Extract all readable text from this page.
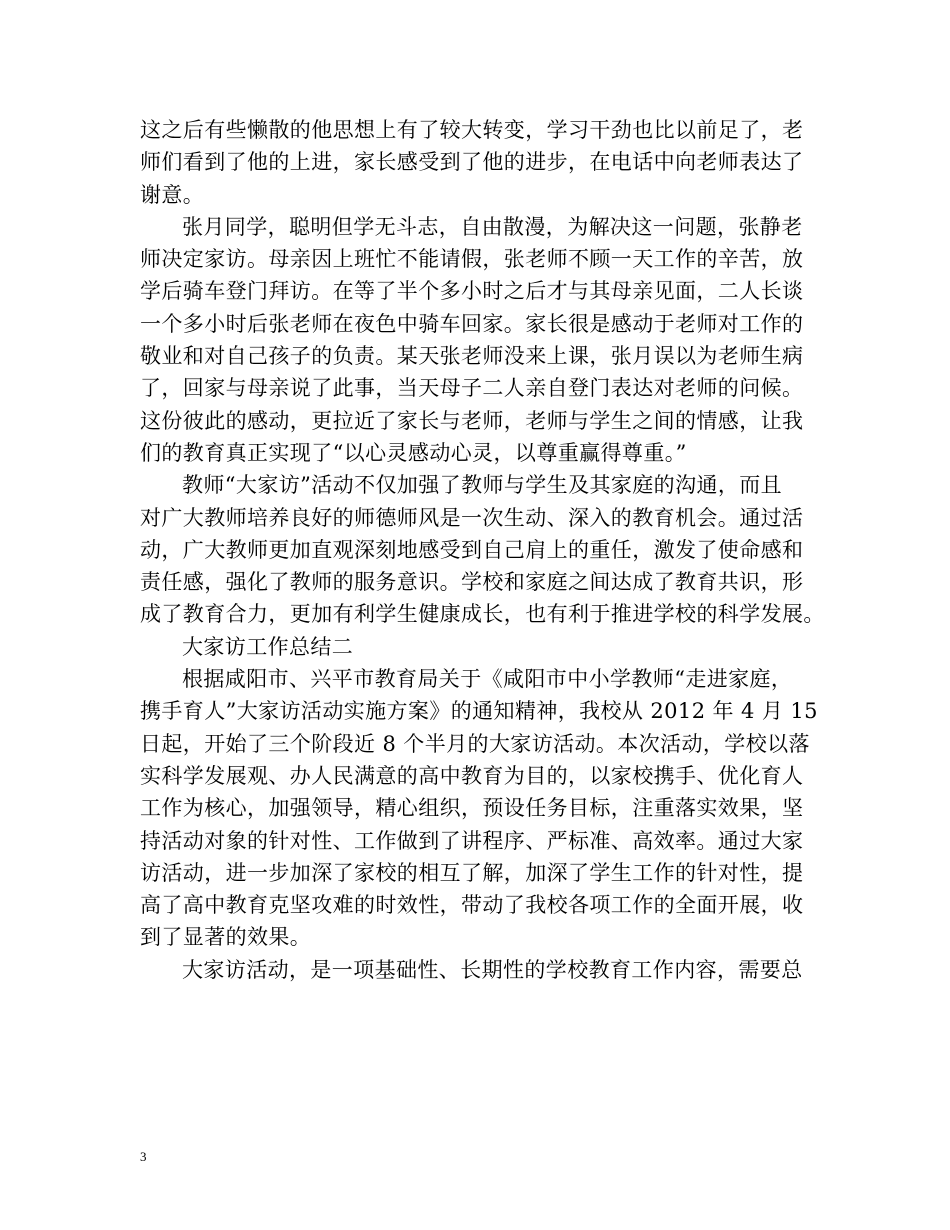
这之后有些懒散的他思想上有了较大转变，学习干劲也比以前足了，老
师们看到了他的上进，家长感受到了他的进步，在电话中向老师表达了
谢意。
张月同学，聪明但学无斗志，自由散漫，为解决这一问题，张静老
师决定家访。母亲因上班忙不能请假，张老师不顾一天工作的辛苦，放
学后骑车登门拜访。在等了半个多小时之后才与其母亲见面，二人长谈
一个多小时后张老师在夜色中骑车回家。家长很是感动于老师对工作的
敬业和对自己孩子的负责。某天张老师没来上课，张月误以为老师生病
了，回家与母亲说了此事，当天母子二人亲自登门表达对老师的问候。
这份彼此的感动，更拉近了家长与老师，老师与学生之间的情感，让我
们的教育真正实现了“以心灵感动心灵，以尊重赢得尊重。”
教师“大家访”活动不仅加强了教师与学生及其家庭的沟通，而且
对广大教师培养良好的师德师风是一次生动、深入的教育机会。通过活
动，广大教师更加直观深刻地感受到自己肩上的重任，激发了使命感和
责任感，强化了教师的服务意识。学校和家庭之间达成了教育共识，形
成了教育合力，更加有利学生健康成长，也有利于推进学校的科学发展。
大家访工作总结二
根据咸阳市、兴平市教育局关于《咸阳市中小学教师“走进家庭，
携手育人”大家访活动实施方案》的通知精神，我校从 2012 年 4 月 15
日起，开始了三个阶段近 8 个半月的大家访活动。本次活动，学校以落
实科学发展观、办人民满意的高中教育为目的，以家校携手、优化育人
工作为核心，加强领导，精心组织，预设任务目标，注重落实效果，坚
持活动对象的针对性、工作做到了讲程序、严标准、高效率。通过大家
访活动，进一步加深了家校的相互了解，加深了学生工作的针对性，提
高了高中教育克坚攻难的时效性，带动了我校各项工作的全面开展，收
到了显著的效果。
大家访活动，是一项基础性、长期性的学校教育工作内容，需要总
3
